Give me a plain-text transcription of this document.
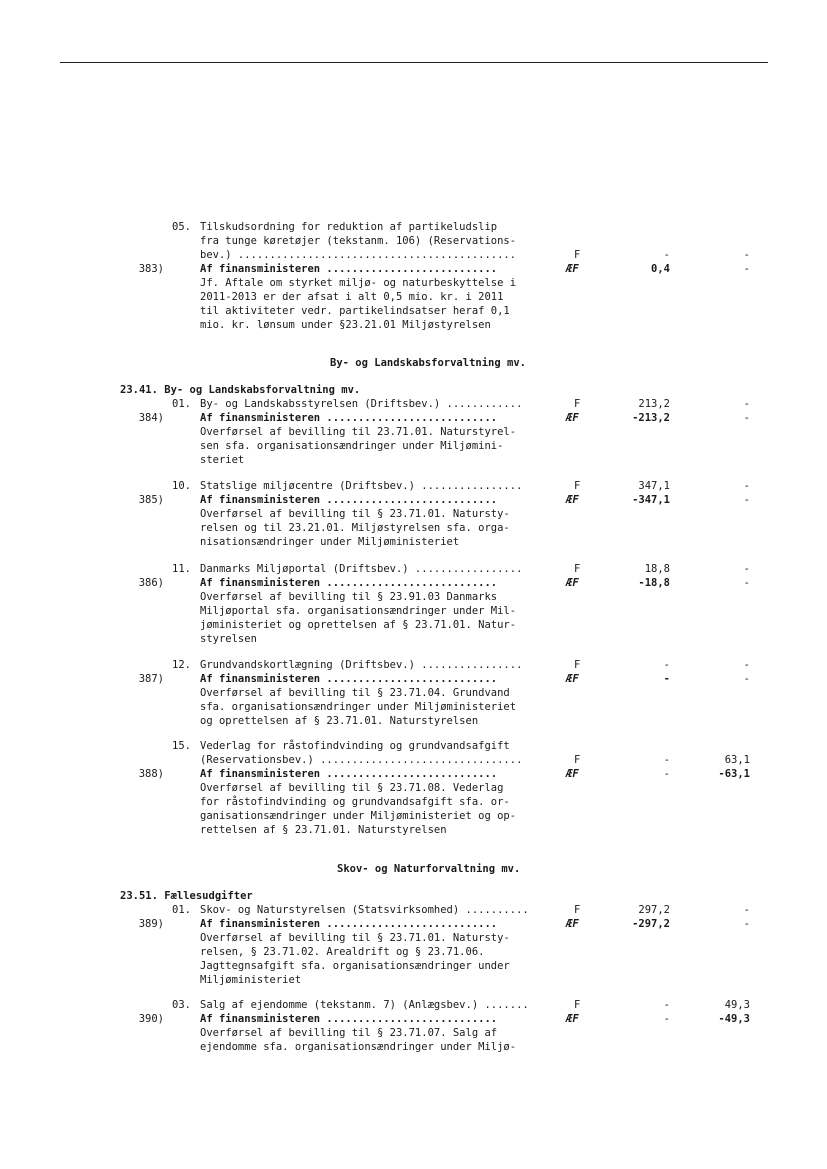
05. Tilskudsordning for reduktion af partikeludslip
fra tunge køretøjer (tekstanm. 106) (Reservations-
bev.) ............................................	F	-	-
383)	Af finansministeren ...........................	ÆF	0,4	-
Jf. Aftale om styrket miljø- og naturbeskyttelse i
2011-2013 er der afsat i alt 0,5 mio. kr. i 2011
til aktiviteter vedr. partikelindsatser heraf 0,1
mio. kr. lønsum under §23.21.01 Miljøstyrelsen
By- og Landskabsforvaltning mv.
23.41. By- og Landskabsforvaltning mv.
01. By- og Landskabsstyrelsen (Driftsbev.) ............	F	213,2	-
384)	Af finansministeren ...........................	ÆF	-213,2	-
Overførsel af bevilling til 23.71.01. Naturstyrel-
sen sfa. organisationsændringer under Miljømini-
steriet
10. Statslige miljøcentre (Driftsbev.) ................	F	347,1	-
385)	Af finansministeren ...........................	ÆF	-347,1	-
Overførsel af bevilling til § 23.71.01. Natursty-
relsen og til 23.21.01. Miljøstyrelsen sfa. orga-
nisationsændringer under Miljøministeriet
11. Danmarks Miljøportal (Driftsbev.) .................	F	18,8	-
386)	Af finansministeren ...........................	ÆF	-18,8	-
Overførsel af bevilling til § 23.91.03 Danmarks
Miljøportal sfa. organisationsændringer under Mil-
jøministeriet og oprettelsen af § 23.71.01. Natur-
styrelsen
12. Grundvandskortlægning (Driftsbev.) ................	F	-	-
387)	Af finansministeren ...........................	ÆF	-	-
Overførsel af bevilling til § 23.71.04. Grundvand
sfa. organisationsændringer under Miljøministeriet
og oprettelsen af § 23.71.01. Naturstyrelsen
15. Vederlag for råstofindvinding og grundvandsafgift
(Reservationsbev.) ................................	F	-	63,1
388)	Af finansministeren ...........................	ÆF	-	-63,1
Overførsel af bevilling til § 23.71.08. Vederlag
for råstofindvinding og grundvandsafgift sfa. or-
ganisationsændringer under Miljøministeriet og op-
rettelsen af § 23.71.01. Naturstyrelsen
Skov- og Naturforvaltning mv.
23.51. Fællesudgifter
01. Skov- og Naturstyrelsen (Statsvirksomhed) ..........	F	297,2	-
389)	Af finansministeren ...........................	ÆF	-297,2	-
Overførsel af bevilling til § 23.71.01. Natursty-
relsen, § 23.71.02. Arealdrift og § 23.71.06.
Jagttegnsafgift sfa. organisationsændringer under
Miljøministeriet
03. Salg af ejendomme (tekstanm. 7) (Anlægsbev.) .......	F	-	49,3
390)	Af finansministeren ...........................	ÆF	-	-49,3
Overførsel af bevilling til § 23.71.07. Salg af
ejendomme sfa. organisationsændringer under Miljø-
